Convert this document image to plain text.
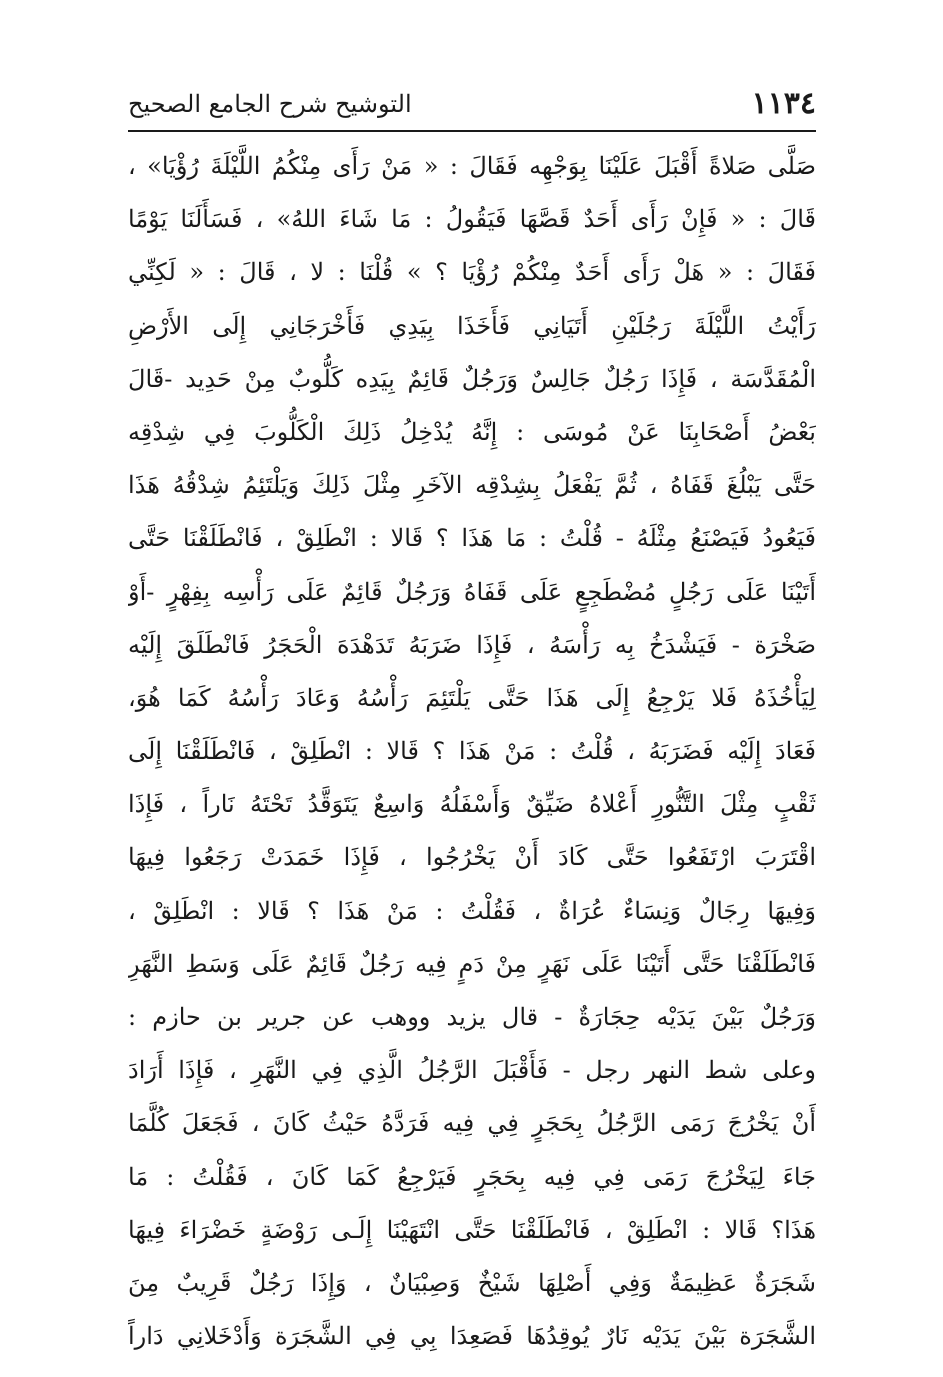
١١٣٤
التوشيح شرح الجامع الصحيح
صَلَّى صَلاةً أَقْبَلَ عَلَيْنَا بِوَجْهِه فَقَالَ : « مَنْ رَأَى مِنْكُمُ اللَّيْلَةَ رُؤْيَا» ،
قَالَ : « فَإِنْ رَأَى أَحَدٌ قَصَّهَا فَيَقُولُ : مَا شَاءَ اللهُ» ، فَسَأَلَنَا يَوْمًا
فَقَالَ : « هَلْ رَأَى أَحَدٌ مِنْكُمْ رُؤْيَا ؟ » قُلْنَا : لا ، قَالَ : « لَكِنِّي
رَأَيْتُ اللَّيْلَةَ رَجُلَيْنِ أَتَيَانِي فَأَخَذَا بِيَدِي فَأَخْرَجَانِي إِلَى الأَرْضِ
الْمُقَدَّسَة ، فَإِذَا رَجُلٌ جَالِسٌ وَرَجُلٌ قَائِمٌ بِيَدِه كَلُّوبٌ مِنْ حَدِيد -قَالَ
بَعْضُ أَصْحَابِنَا عَنْ مُوسَى : إِنَّهُ يُدْخِلُ ذَلِكَ الْكَلُّوبَ فِي شِدْقِه
حَتَّى يَبْلُغَ قَفَاهُ ، ثُمَّ يَفْعَلُ بِشِدْقِه الآخَرِ مِثْلَ ذَلِكَ وَيَلْتَئِمُ شِدْقُهُ هَذَا
فَيَعُودُ فَيَصْنَعُ مِثْلَهُ - قُلْتُ : مَا هَذَا ؟ قَالا : انْطَلِقْ ، فَانْطَلَقْنَا حَتَّى
أَتَيْنَا عَلَى رَجُلٍ مُضْطَجِعٍ عَلَى قَفَاهُ وَرَجُلٌ قَائِمٌ عَلَى رَأْسِه بِفِهْرٍ -أَوْ
صَخْرَة - فَيَشْدَخُ بِه رَأْسَهُ ، فَإِذَا ضَرَبَهُ تَدَهْدَهَ الْحَجَرُ فَانْطَلَقَ إِلَيْه
لِيَأْخُذَهُ فَلا يَرْجِعُ إِلَى هَذَا حَتَّى يَلْتَئِمَ رَأْسُهُ وَعَادَ رَأْسُهُ كَمَا هُوَ،
فَعَادَ إِلَيْه فَضَرَبَهُ ، قُلْتُ : مَنْ هَذَا ؟ قَالا : انْطَلِقْ ، فَانْطَلَقْنَا إِلَى
ثَقْبٍ مِثْلَ التَّنُّورِ أَعْلاهُ ضَيِّقٌ وَأَسْفَلُهُ وَاسِعٌ يَتَوَقَّدُ تَحْتَهُ نَاراً ، فَإِذَا
اقْتَرَبَ ارْتَفَعُوا حَتَّى كَادَ أَنْ يَخْرُجُوا ، فَإِذَا خَمَدَتْ رَجَعُوا فِيهَا
وَفِيهَا رِجَالٌ وَنِسَاءٌ عُرَاةٌ ، فَقُلْتُ : مَنْ هَذَا ؟ قَالا : انْطَلِقْ ،
فَانْطَلَقْنَا حَتَّى أَتَيْنَا عَلَى نَهَرٍ مِنْ دَمٍ فِيه رَجُلٌ قَائِمٌ عَلَى وَسَطِ النَّهَرِ
وَرَجُلٌ بَيْنَ يَدَيْه حِجَارَةٌ - قال يزيد ووهب عن جرير بن حازم :
وعلى شط النهر رجل - فَأَقْبَلَ الرَّجُلُ الَّذِي فِي النَّهَرِ ، فَإِذَا أَرَادَ
أَنْ يَخْرُجَ رَمَى الرَّجُلُ بِحَجَرٍ فِي فِيه فَرَدَّهُ حَيْثُ كَانَ ، فَجَعَلَ كُلَّمَا
جَاءَ لِيَخْرُجَ رَمَى فِي فِيه بِحَجَرٍ فَيَرْجِعُ كَمَا كَانَ ، فَقُلْتُ : مَا
هَذَا؟ قَالا : انْطَلِقْ ، فَانْطَلَقْنَا حَتَّى انْتَهَيْنَا إِلَـى رَوْضَةٍ خَضْرَاءَ فِيهَا
شَجَرَةٌ عَظِيمَةٌ وَفِي أَصْلِهَا شَيْخٌ وَصِبْيَانٌ ، وَإِذَا رَجُلٌ قَرِيبٌ مِنَ
الشَّجَرَة بَيْنَ يَدَيْه نَارٌ يُوقِدُهَا فَصَعِدَا بِي فِي الشَّجَرَة وَأَدْخَلانِي دَاراً
